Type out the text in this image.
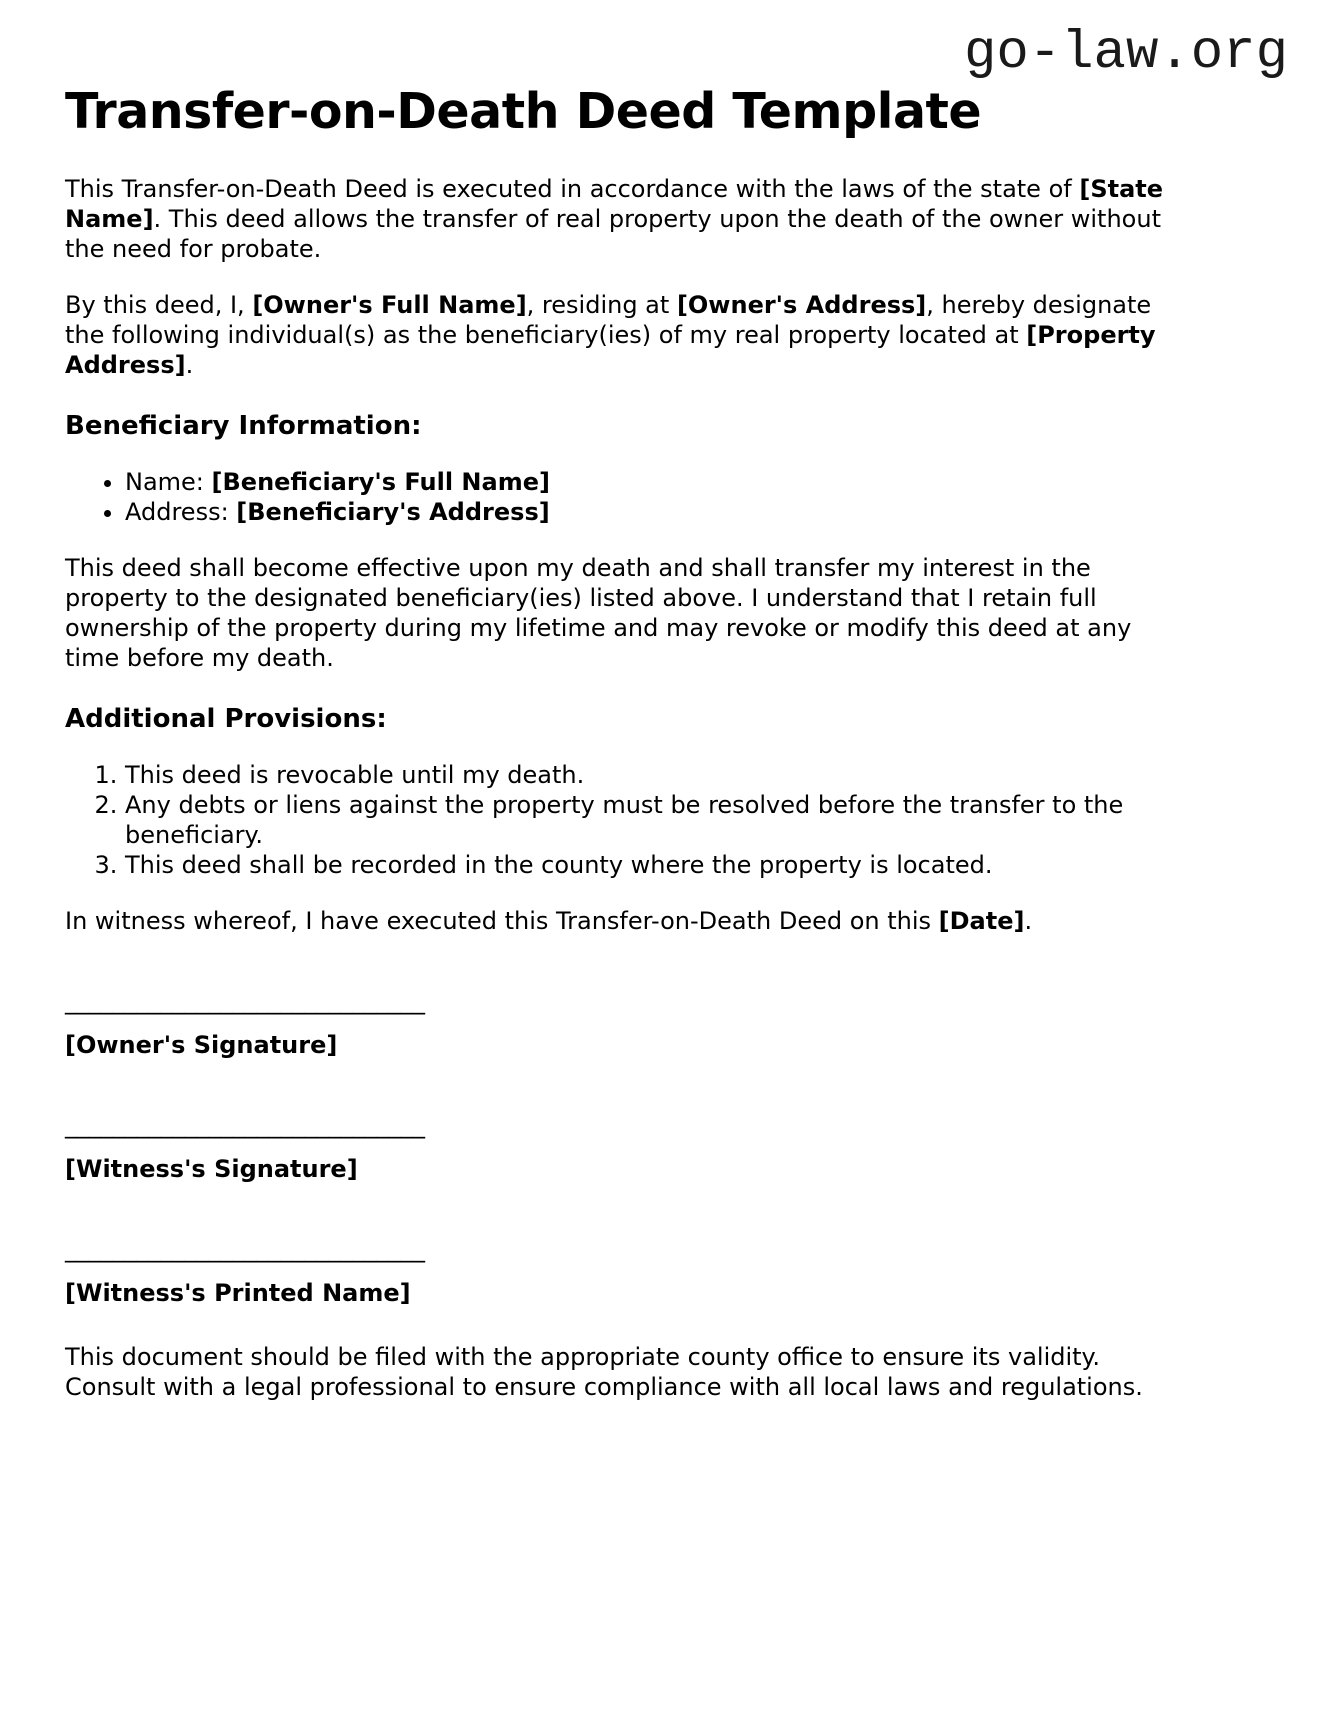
go-law.org
Transfer-on-Death Deed Template

This Transfer-on-Death Deed is executed in accordance with the laws of the state of [State Name]. This deed allows the transfer of real property upon the death of the owner without the need for probate.

By this deed, I, [Owner's Full Name], residing at [Owner's Address], hereby designate the following individual(s) as the beneficiary(ies) of my real property located at [Property Address].

Beneficiary Information:
• Name: [Beneficiary's Full Name]
• Address: [Beneficiary's Address]

This deed shall become effective upon my death and shall transfer my interest in the property to the designated beneficiary(ies) listed above. I understand that I retain full ownership of the property during my lifetime and may revoke or modify this deed at any time before my death.

Additional Provisions:
1. This deed is revocable until my death.
2. Any debts or liens against the property must be resolved before the transfer to the beneficiary.
3. This deed shall be recorded in the county where the property is located.

In witness whereof, I have executed this Transfer-on-Death Deed on this [Date].

______________________________

[Owner's Signature]

______________________________

[Witness's Signature]

______________________________

[Witness's Printed Name]

This document should be filed with the appropriate county office to ensure its validity. Consult with a legal professional to ensure compliance with all local laws and regulations.
